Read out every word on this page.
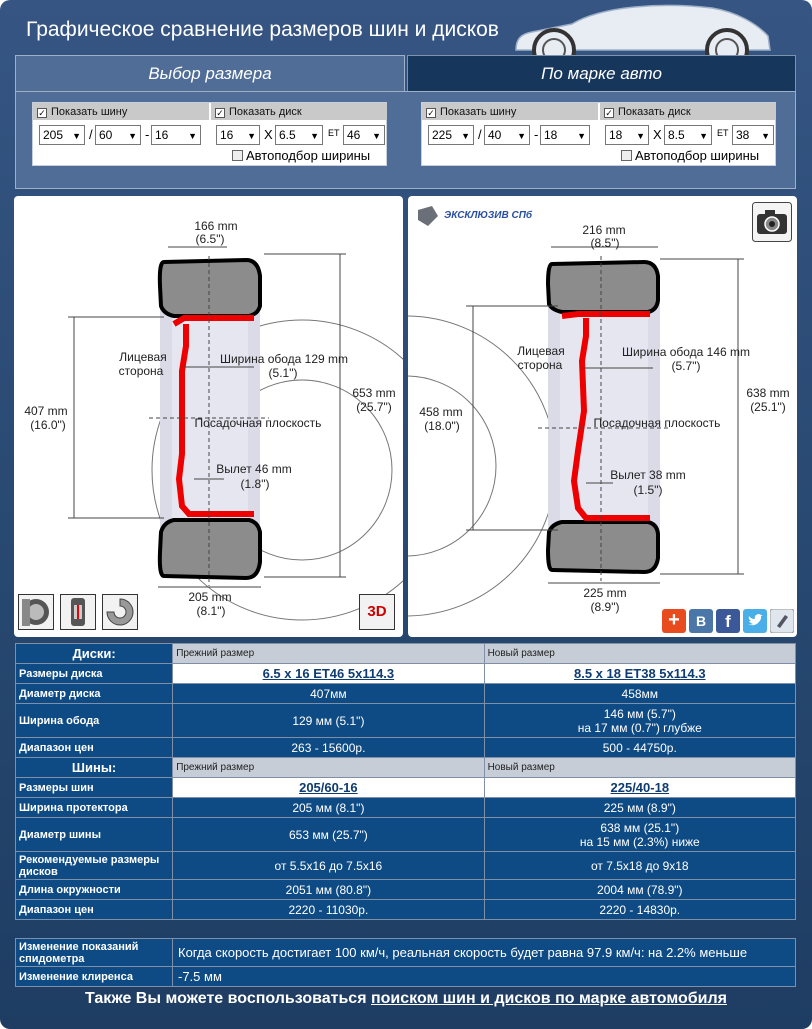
Графическое сравнение размеров шин и дисков
Выбор размера	По марке авто
✓ Показать шину	✓ Показать диск
205 ▼	/ 60 ▼	- 16 ▼	16 ▼	X 6.5 ▼	ET 46 ▼
Автоподбор ширины
✓ Показать шину	✓ Показать диск
225 ▼	/ 40 ▼	- 18 ▼	18 ▼	X 8.5 ▼	ET 38 ▼
Автоподбор ширины
166 mm
(6.5")
407 mm
(16.0")
653 mm
(25.7")
Лицевая
сторона
Ширина обода 129 mm
(5.1")
Посадочная плоскость
Вылет 46 mm
(1.8")
205 mm
(8.1")	3D
ЭКСКЛЮЗИВ СПб
216 mm
(8.5")
458 mm
(18.0")
638 mm
(25.1")
Лицевая
сторона
Ширина обода 146 mm
(5.7")
Посадочная плоскость
Вылет 38 mm
(1.5")
225 mm
(8.9")
+	В	f
Диски:	Прежний размер	Новый размер
Размеры диска	6.5 x 16 ET46 5x114.3	8.5 x 18 ET38 5x114.3
Диаметр диска	407мм	458мм
Ширина обода	129 мм (5.1")	146 мм (5.7")
на 17 мм (0.7") глубже

Диапазон цен	263 - 15600р.	500 - 44750р.
Шины:	Прежний размер	Новый размер
Размеры шин	205/60-16	225/40-18
Ширина протектора	205 мм (8.1")	225 мм (8.9")
Диаметр шины	653 мм (25.7")	638 мм (25.1")
на 15 мм (2.3%) ниже

Рекомендуемые размеры дисков	от 5.5x16 до 7.5x16	от 7.5x18 до 9x18
Длина окружности	2051 мм (80.8")	2004 мм (78.9")
Диапазон цен	2220 - 11030р.	2220 - 14830р.
Изменение показаний спидометра	Когда скорость достигает 100 км/ч, реальная скорость будет равна 97.9 км/ч: на 2.2% меньше
Изменение клиренса	-7.5 мм
Также Вы можете воспользоваться поиском шин и дисков по марке автомобиля
